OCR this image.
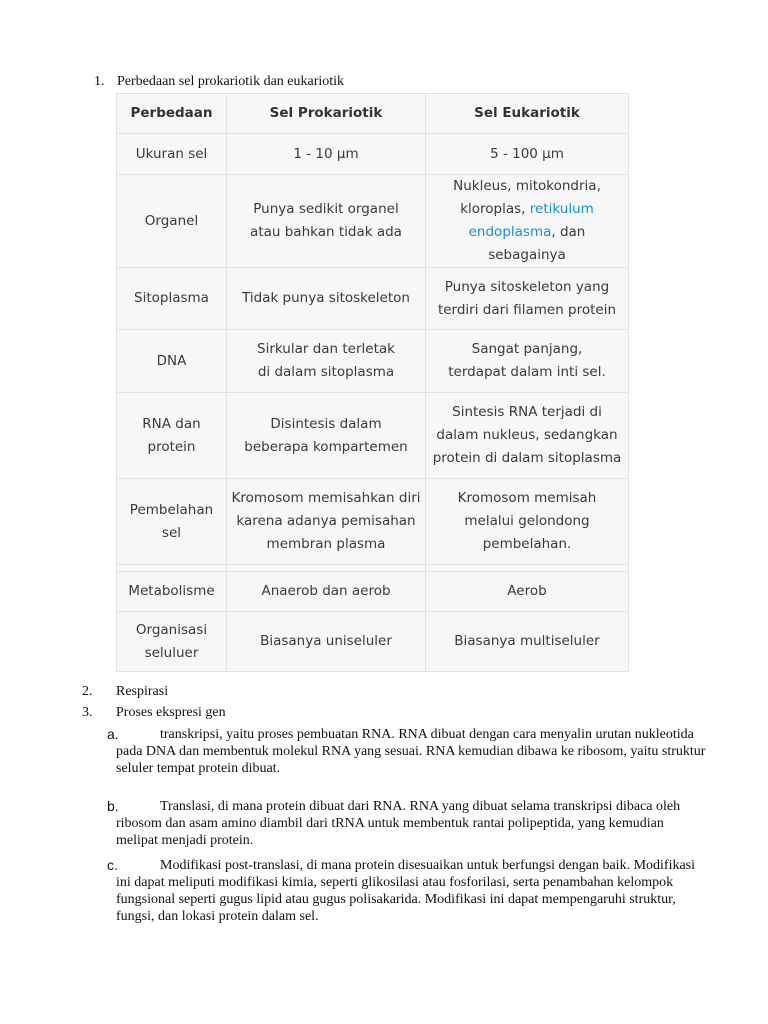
1. Perbedaan sel prokariotik dan eukariotik
Perbedaan	Sel Prokariotik	Sel Eukariotik
Ukuran sel	1 - 10 µm	5 - 100 µm
Organel	Punya sedikit organel atau bahkan tidak ada	Nukleus, mitokondria, kloroplas, retikulum endoplasma, dan sebagainya
Sitoplasma	Tidak punya sitoskeleton	Punya sitoskeleton yang terdiri dari filamen protein
DNA	Sirkular dan terletak di dalam sitoplasma	Sangat panjang, terdapat dalam inti sel.
RNA dan protein	Disintesis dalam beberapa kompartemen	Sintesis RNA terjadi di dalam nukleus, sedangkan protein di dalam sitoplasma
Pembelahan sel	Kromosom memisahkan diri karena adanya pemisahan membran plasma	Kromosom memisah melalui gelondong pembelahan.

Metabolisme	Anaerob dan aerob	Aerob
Organisasi seluluer	Biasanya uniseluler	Biasanya multiseluler
2. Respirasi
3. Proses ekspresi gen
a.	transkripsi, yaitu proses pembuatan RNA. RNA dibuat dengan cara menyalin urutan nukleotida pada DNA dan membentuk molekul RNA yang sesuai. RNA kemudian dibawa ke ribosom, yaitu struktur seluler tempat protein dibuat.

b.	Translasi, di mana protein dibuat dari RNA. RNA yang dibuat selama transkripsi dibaca oleh ribosom dan asam amino diambil dari tRNA untuk membentuk rantai polipeptida, yang kemudian melipat menjadi protein.

c.	Modifikasi post-translasi, di mana protein disesuaikan untuk berfungsi dengan baik. Modifikasi ini dapat meliputi modifikasi kimia, seperti glikosilasi atau fosforilasi, serta penambahan kelompok fungsional seperti gugus lipid atau gugus polisakarida. Modifikasi ini dapat mempengaruhi struktur, fungsi, dan lokasi protein dalam sel.
